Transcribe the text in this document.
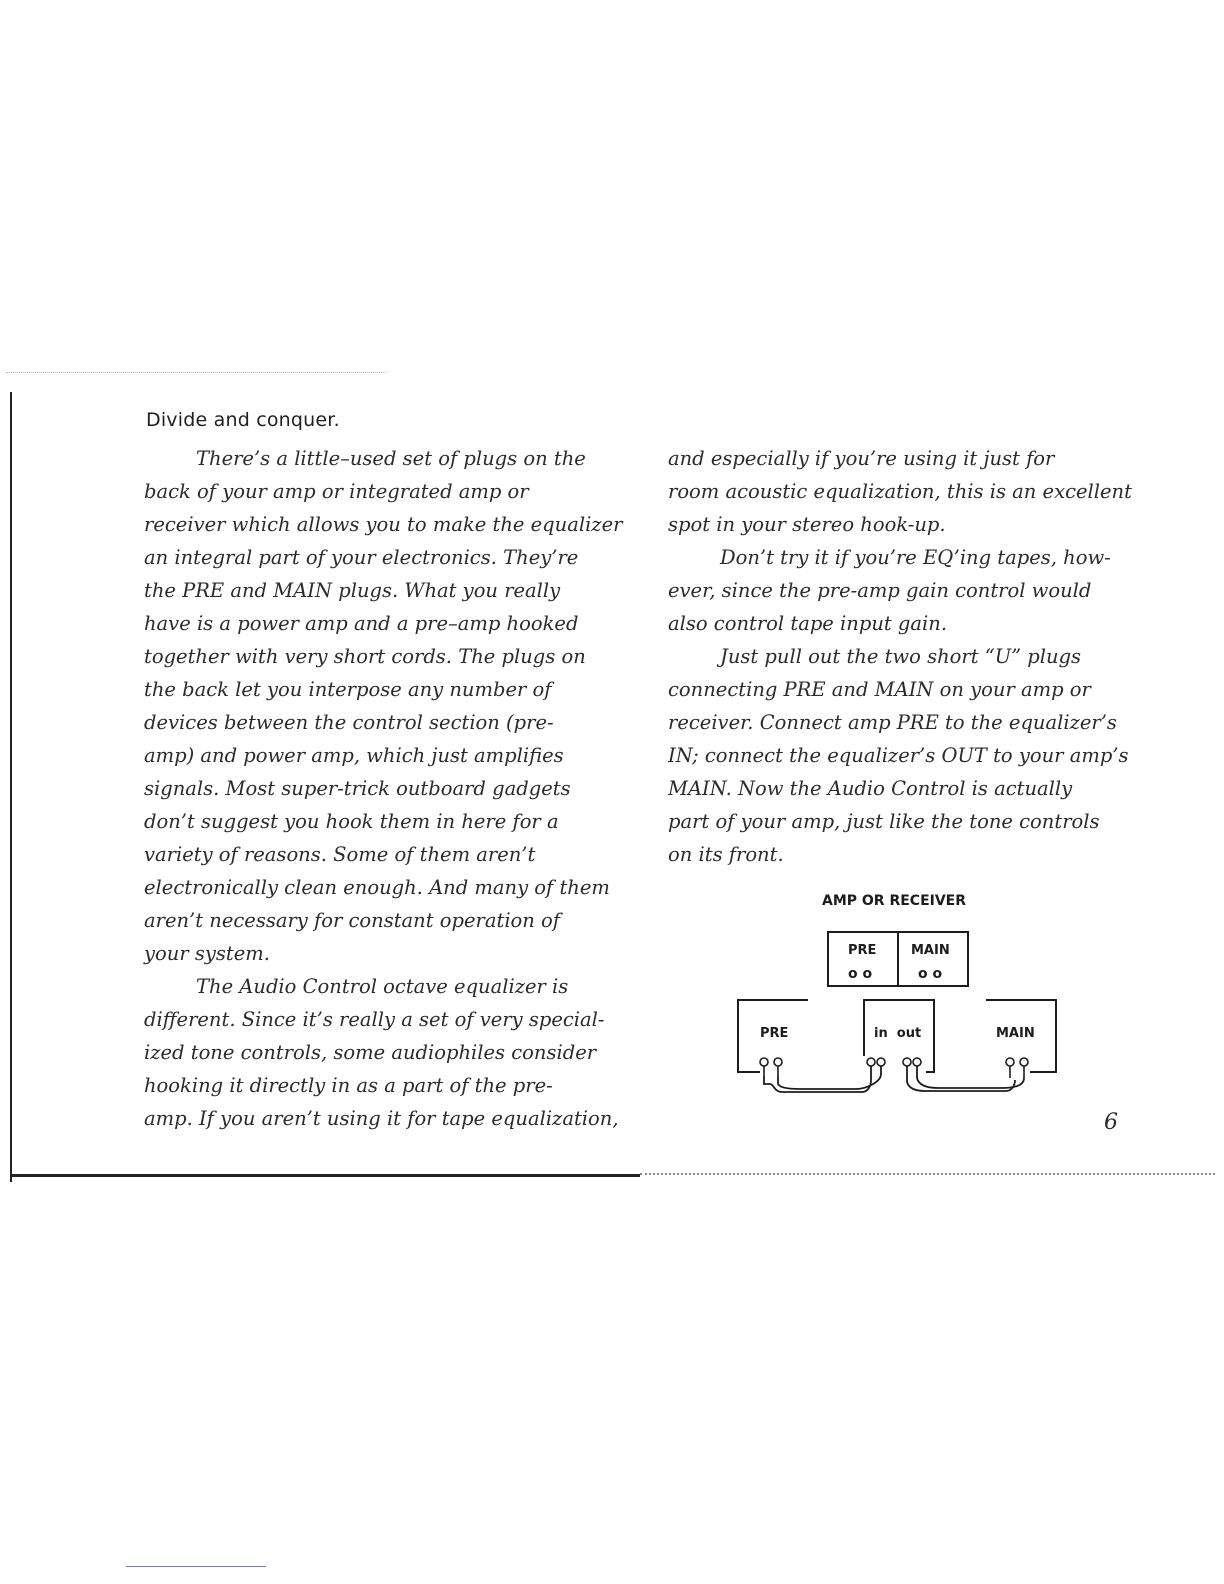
Divide and conquer.
There’s a little–used set of plugs on the
back of your amp or integrated amp or
receiver which allows you to make the equalizer
an integral part of your electronics. They’re
the PRE and MAIN plugs. What you really
have is a power amp and a pre–amp hooked
together with very short cords. The plugs on
the back let you interpose any number of
devices between the control section (pre-
amp) and power amp, which just amplifies
signals. Most super-trick outboard gadgets
don’t suggest you hook them in here for a
variety of reasons. Some of them aren’t
electronically clean enough. And many of them
aren’t necessary for constant operation of
your system.
The Audio Control octave equalizer is
different. Since it’s really a set of very special-
ized tone controls, some audiophiles consider
hooking it directly in as a part of the pre-
amp. If you aren’t using it for tape equalization,
and especially if you’re using it just for
room acoustic equalization, this is an excellent
spot in your stereo hook-up.
Don’t try it if you’re EQ’ing tapes, how-
ever, since the pre-amp gain control would
also control tape input gain.
Just pull out the two short “U” plugs
connecting PRE and MAIN on your amp or
receiver. Connect amp PRE to the equalizer’s
IN; connect the equalizer’s OUT to your amp’s
MAIN. Now the Audio Control is actually
part of your amp, just like the tone controls
on its front.
AMP OR RECEIVER
PRE	MAIN
o o	o o
PRE	in  out	MAIN
6
